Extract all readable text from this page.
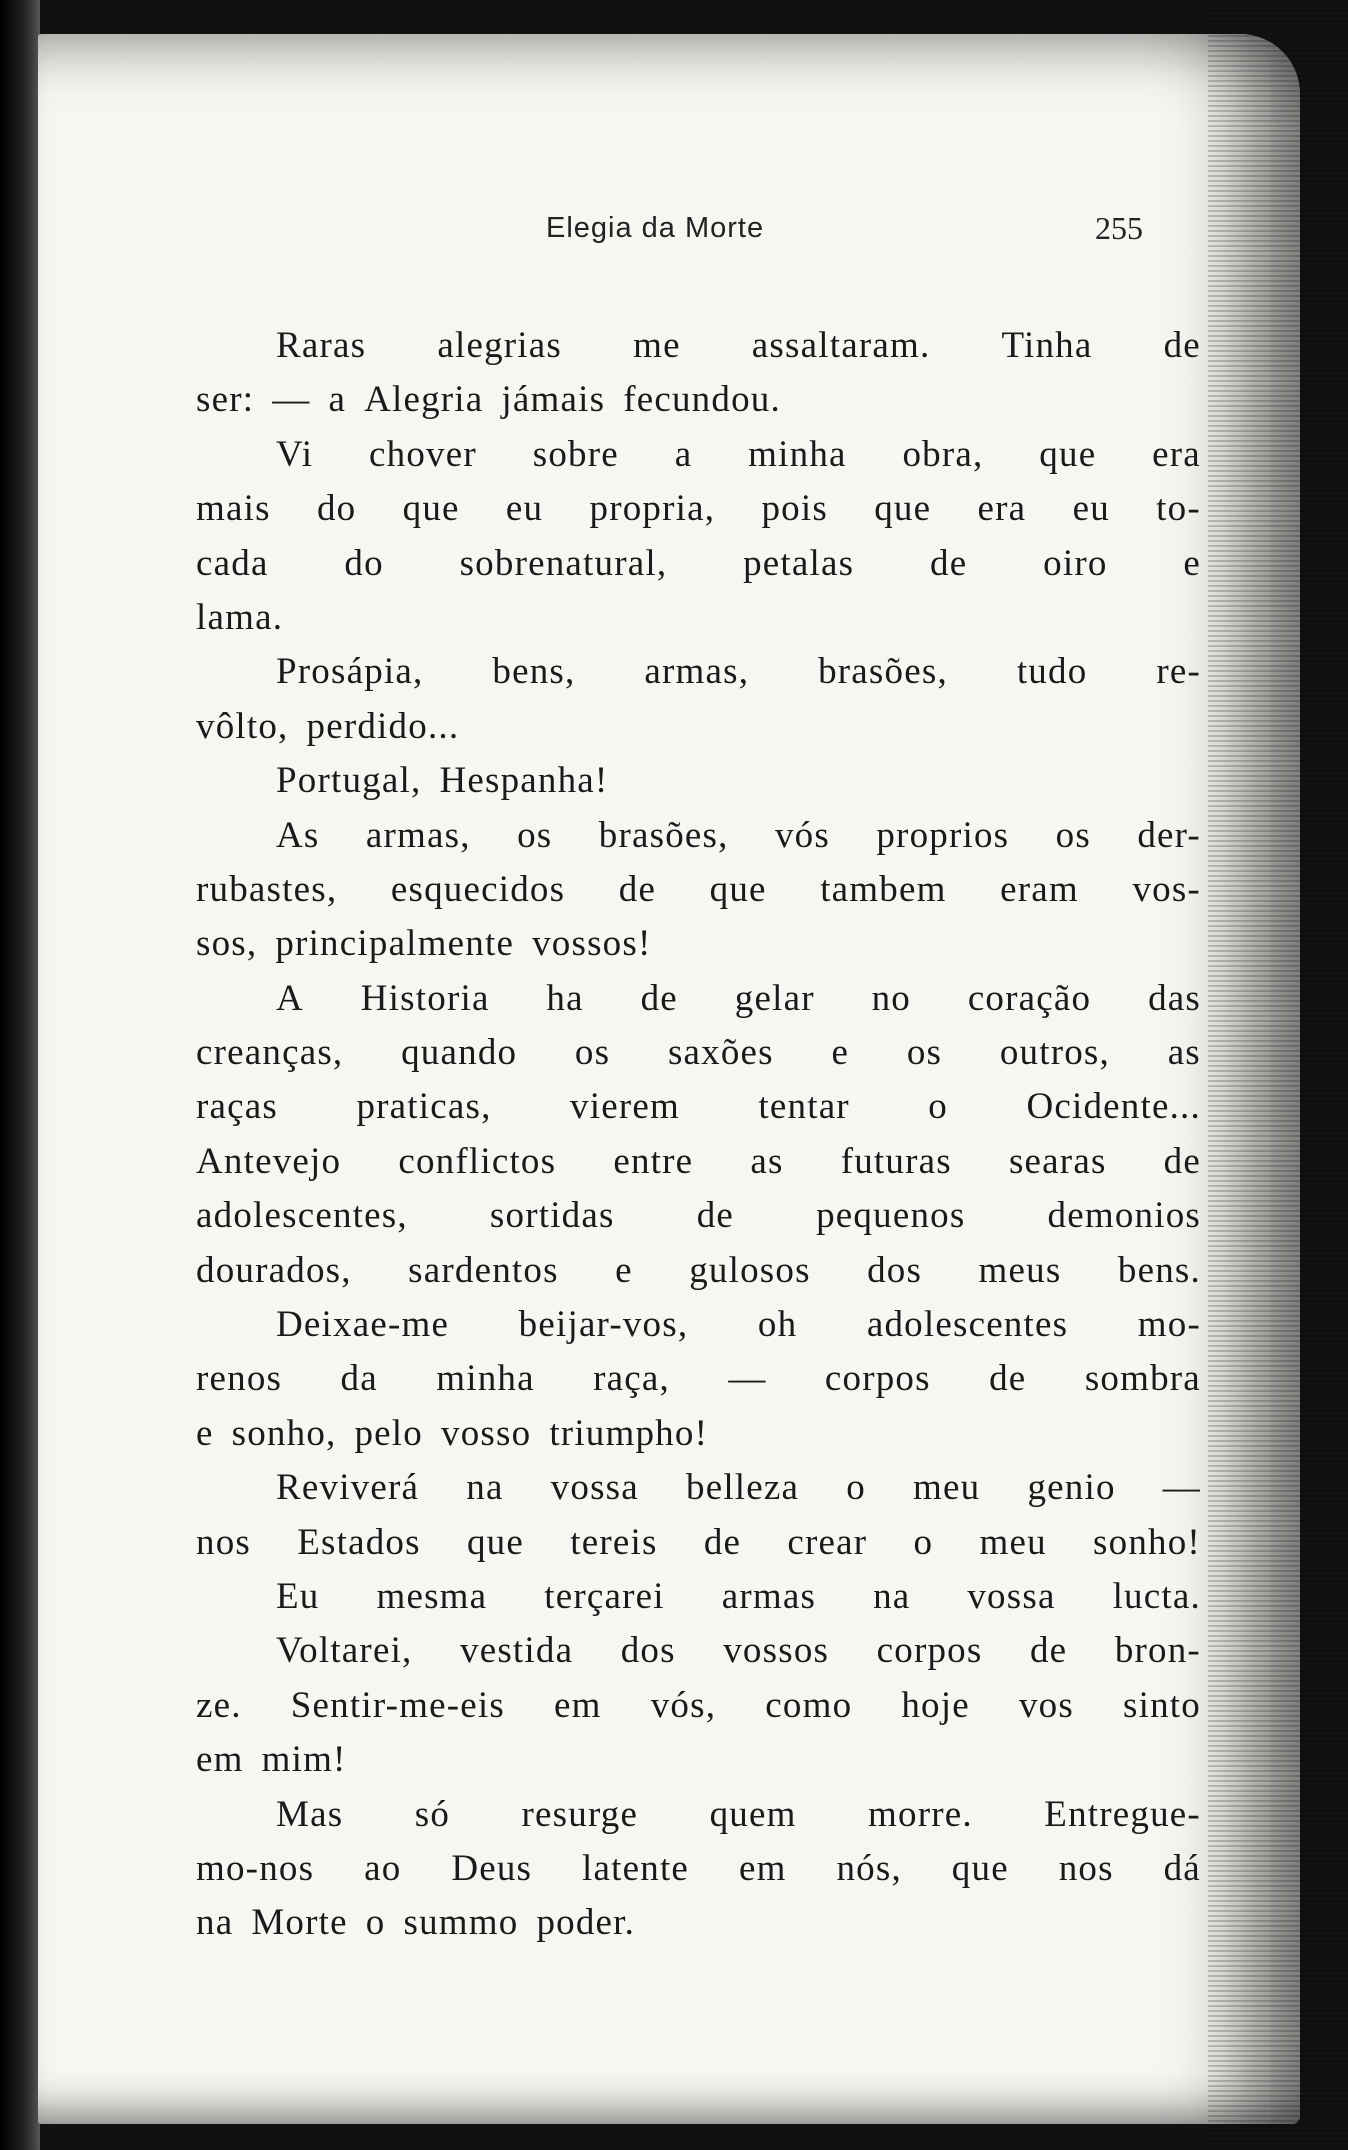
Elegia da Morte	255
Raras alegrias me assaltaram. Tinha de
ser: — a Alegria jámais fecundou.
Vi chover sobre a minha obra, que era
mais do que eu propria, pois que era eu to-
cada do sobrenatural, petalas de oiro e
lama.
Prosápia, bens, armas, brasões, tudo re-
vôlto, perdido...
Portugal, Hespanha!
As armas, os brasões, vós proprios os der-
rubastes, esquecidos de que tambem eram vos-
sos, principalmente vossos!
A Historia ha de gelar no coração das
creanças, quando os saxões e os outros, as
raças praticas, vierem tentar o Ocidente...
Antevejo conflictos entre as futuras searas de
adolescentes, sortidas de pequenos demonios
dourados, sardentos e gulosos dos meus bens.
Deixae-me beijar-vos, oh adolescentes mo-
renos da minha raça, — corpos de sombra
e sonho, pelo vosso triumpho!
Reviverá na vossa belleza o meu genio —
nos Estados que tereis de crear o meu sonho!
Eu mesma terçarei armas na vossa lucta.
Voltarei, vestida dos vossos corpos de bron-
ze. Sentir-me-eis em vós, como hoje vos sinto
em mim!
Mas só resurge quem morre. Entregue-
mo-nos ao Deus latente em nós, que nos dá
na Morte o summo poder.
